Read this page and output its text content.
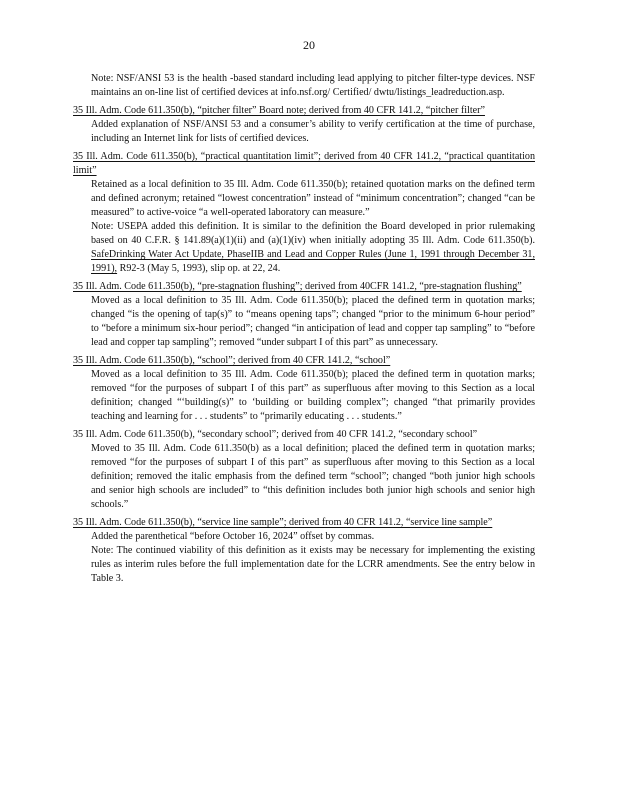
20
Note: NSF/ANSI 53 is the health -based standard including lead applying to pitcher filter-type devices. NSF maintains an on-line list of certified devices at info.nsf.org/ Certified/ dwtu/listings_leadreduction.asp.
35 Ill. Adm. Code 611.350(b), “pitcher filter” Board note; derived from 40 CFR 141.2, “pitcher filter”

Added explanation of NSF/ANSI 53 and a consumer’s ability to verify certification at the time of purchase, including an Internet link for lists of certified devices.

35 Ill. Adm. Code 611.350(b), “practical quantitation limit”; derived from 40 CFR 141.2, “practical quantitation limit”

Retained as a local definition to 35 Ill. Adm. Code 611.350(b); retained quotation marks on the defined term and defined acronym; retained “lowest concentration” instead of “minimum concentration”; changed “can be measured” to active-voice “a well-operated laboratory can measure.”

Note: USEPA added this definition. It is similar to the definition the Board developed in prior rulemaking based on 40 C.F.R. § 141.89(a)(1)(ii) and (a)(1)(iv) when initially adopting 35 Ill. Adm. Code 611.350(b). SafeDrinking Water Act Update, PhaseIIB and Lead and Copper Rules (June 1, 1991 through December 31, 1991), R92-3 (May 5, 1993), slip op. at 22, 24.

35 Ill. Adm. Code 611.350(b), “pre-stagnation flushing”; derived from 40CFR 141.2, “pre-stagnation flushing”

Moved as a local definition to 35 Ill. Adm. Code 611.350(b); placed the defined term in quotation marks; changed “is the opening of tap(s)” to “means opening taps”; changed “prior to the minimum 6-hour period” to “before a minimum six-hour period”; changed “in anticipation of lead and copper tap sampling” to “before lead and copper tap sampling”; removed “under subpart I of this part” as unnecessary.

35 Ill. Adm. Code 611.350(b), “school”; derived from 40 CFR 141.2, “school”

Moved as a local definition to 35 Ill. Adm. Code 611.350(b); placed the defined term in quotation marks; removed “for the purposes of subpart I of this part” as superfluous after moving to this Section as a local definition; changed “‘building(s)” to ‘building or building complex”; changed “that primarily provides teaching and learning for . . . students” to “primarily educating . . . students.”

35 Ill. Adm. Code 611.350(b), “secondary school”; derived from 40 CFR 141.2, “secondary school”

Moved to 35 Ill. Adm. Code 611.350(b) as a local definition; placed the defined term in quotation marks; removed “for the purposes of subpart I of this part” as superfluous after moving to this Section as a local definition; removed the italic emphasis from the defined term “school”; changed “both junior high schools and senior high schools are included” to “this definition includes both junior high schools and senior high schools.”

35 Ill. Adm. Code 611.350(b), “service line sample”; derived from 40 CFR 141.2, “service line sample”

Added the parenthetical “before October 16, 2024” offset by commas.

Note: The continued viability of this definition as it exists may be necessary for implementing the existing rules as interim rules before the full implementation date for the LCRR amendments. See the entry below in Table 3.
